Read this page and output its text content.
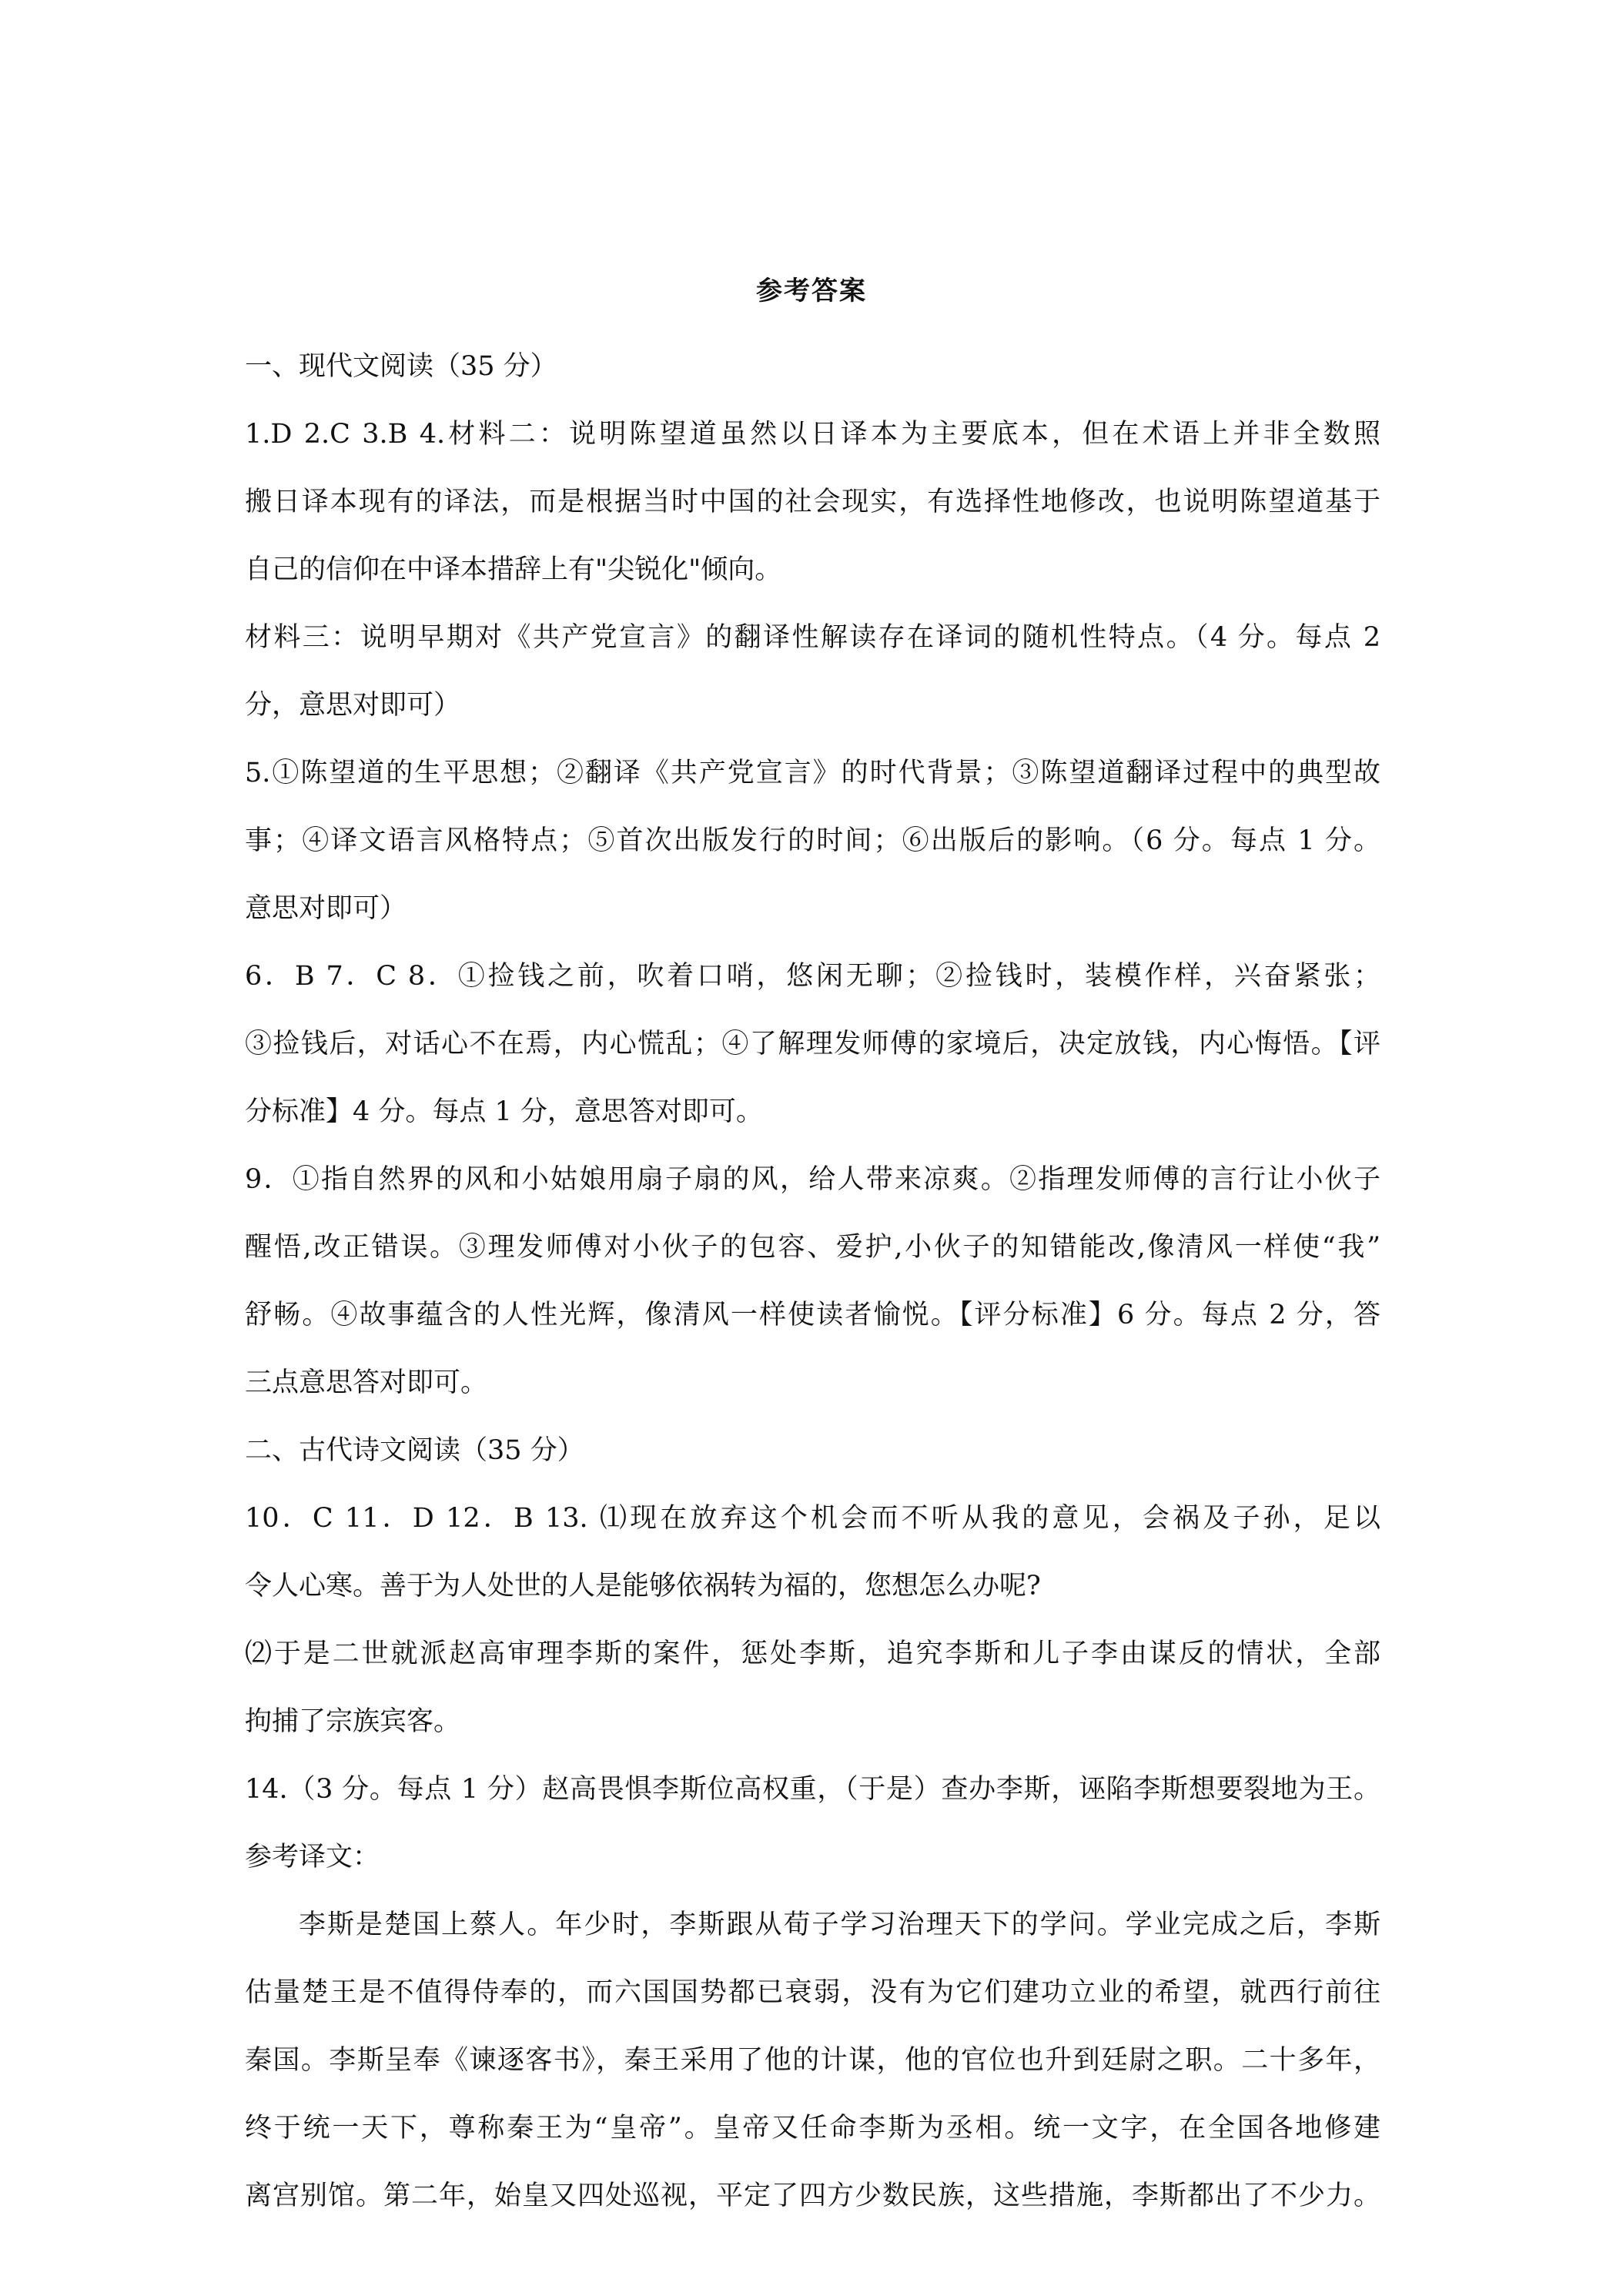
参考答案
一、现代文阅读（35 分）
1.D 2.C 3.B 4.材料二：说明陈望道虽然以日译本为主要底本，但在术语上并非全数照
搬日译本现有的译法，而是根据当时中国的社会现实，有选择性地修改，也说明陈望道基于
自己的信仰在中译本措辞上有"尖锐化"倾向。
材料三：说明早期对《共产党宣言》的翻译性解读存在译词的随机性特点。（4 分。每点 2
分，意思对即可）
5.①陈望道的生平思想；②翻译《共产党宣言》的时代背景；③陈望道翻译过程中的典型故
事；④译文语言风格特点；⑤首次出版发行的时间；⑥出版后的影响。（6 分。每点 1 分。
意思对即可）
6．B 7．C 8．①捡钱之前，吹着口哨，悠闲无聊；②捡钱时，装模作样，兴奋紧张；
③捡钱后，对话心不在焉，内心慌乱；④了解理发师傅的家境后，决定放钱，内心悔悟。【评
分标准】4 分。每点 1 分，意思答对即可。
9．①指自然界的风和小姑娘用扇子扇的风，给人带来凉爽。②指理发师傅的言行让小伙子
醒悟,改正错误。③理发师傅对小伙子的包容、爱护,小伙子的知错能改,像清风一样使“我”
舒畅。④故事蕴含的人性光辉，像清风一样使读者愉悦。【评分标准】6 分。每点 2 分，答
三点意思答对即可。
二、古代诗文阅读（35 分）
10．C 11．D 12．B 13. ⑴现在放弃这个机会而不听从我的意见，会祸及子孙，足以
令人心寒。善于为人处世的人是能够依祸转为福的，您想怎么办呢?
⑵于是二世就派赵高审理李斯的案件，惩处李斯，追究李斯和儿子李由谋反的情状，全部
拘捕了宗族宾客。
14.（3 分。每点 1 分）赵高畏惧李斯位高权重，（于是）查办李斯，诬陷李斯想要裂地为王。
参考译文：
李斯是楚国上蔡人。年少时，李斯跟从荀子学习治理天下的学问。学业完成之后，李斯
估量楚王是不值得侍奉的，而六国国势都已衰弱，没有为它们建功立业的希望，就西行前往
秦国。李斯呈奉《谏逐客书》，秦王采用了他的计谋，他的官位也升到廷尉之职。二十多年，
终于统一天下，尊称秦王为“皇帝”。皇帝又任命李斯为丞相。统一文字，在全国各地修建
离宫别馆。第二年，始皇又四处巡视，平定了四方少数民族，这些措施，李斯都出了不少力。
